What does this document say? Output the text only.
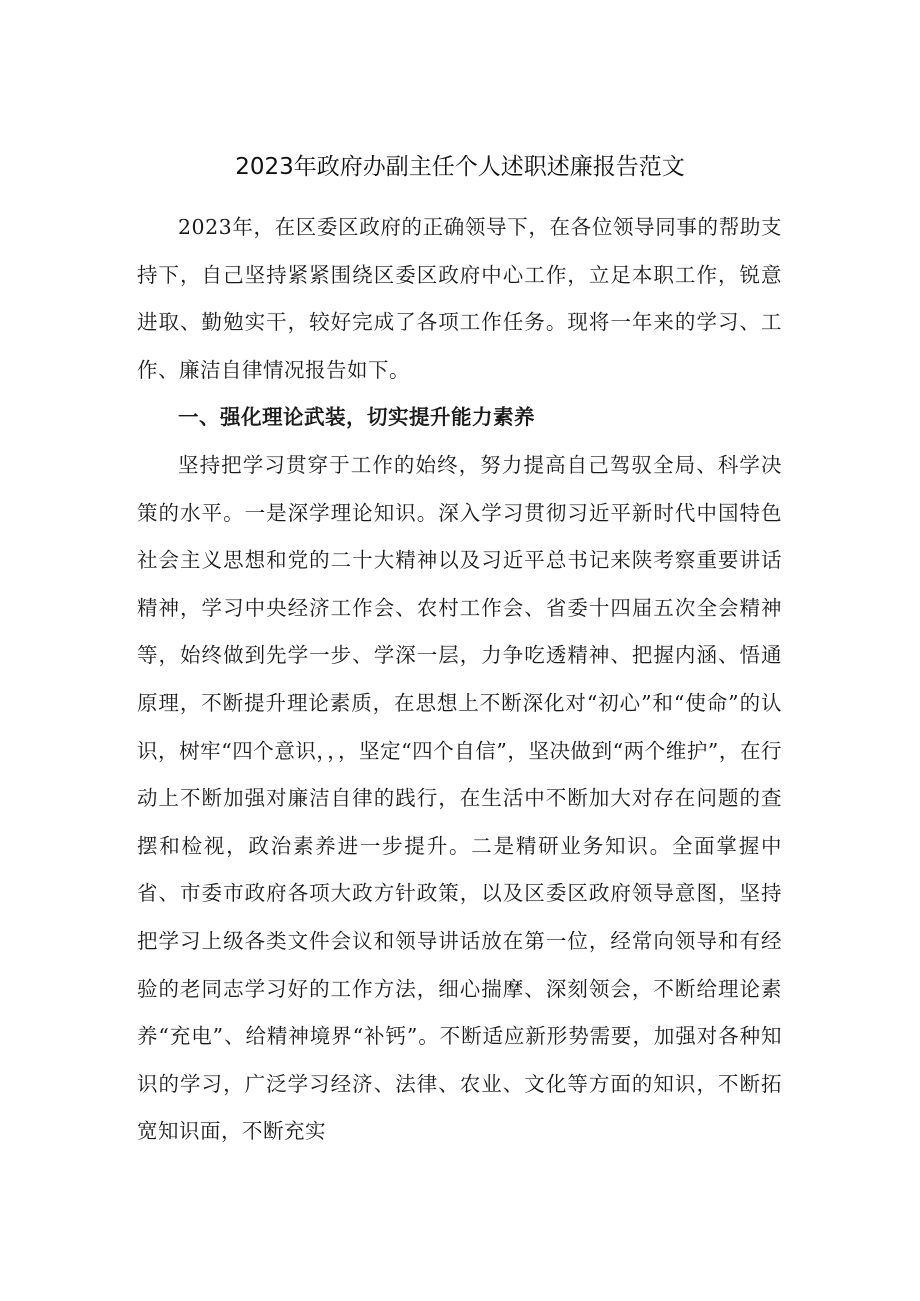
2023年政府办副主任个人述职述廉报告范文

2023年，在区委区政府的正确领导下，在各位领导同事的帮助支持下，自己坚持紧紧围绕区委区政府中心工作，立足本职工作，锐意进取、勤勉实干，较好完成了各项工作任务。现将一年来的学习、工作、廉洁自律情况报告如下。

一、强化理论武装，切实提升能力素养

坚持把学习贯穿于工作的始终，努力提高自己驾驭全局、科学决策的水平。一是深学理论知识。深入学习贯彻习近平新时代中国特色社会主义思想和党的二十大精神以及习近平总书记来陕考察重要讲话精神，学习中央经济工作会、农村工作会、省委十四届五次全会精神等，始终做到先学一步、学深一层，力争吃透精神、把握内涵、悟通原理，不断提升理论素质，在思想上不断深化对“初心”和“使命”的认识，树牢“四个意识，，，坚定“四个自信”，坚决做到“两个维护”，在行动上不断加强对廉洁自律的践行，在生活中不断加大对存在问题的查摆和检视，政治素养进一步提升。二是精研业务知识。全面掌握中省、市委市政府各项大政方针政策，以及区委区政府领导意图，坚持把学习上级各类文件会议和领导讲话放在第一位，经常向领导和有经验的老同志学习好的工作方法，细心揣摩、深刻领会，不断给理论素养“充电”、给精神境界“补钙”。不断适应新形势需要，加强对各种知识的学习，广泛学习经济、法律、农业、文化等方面的知识，不断拓宽知识面，不断充实
